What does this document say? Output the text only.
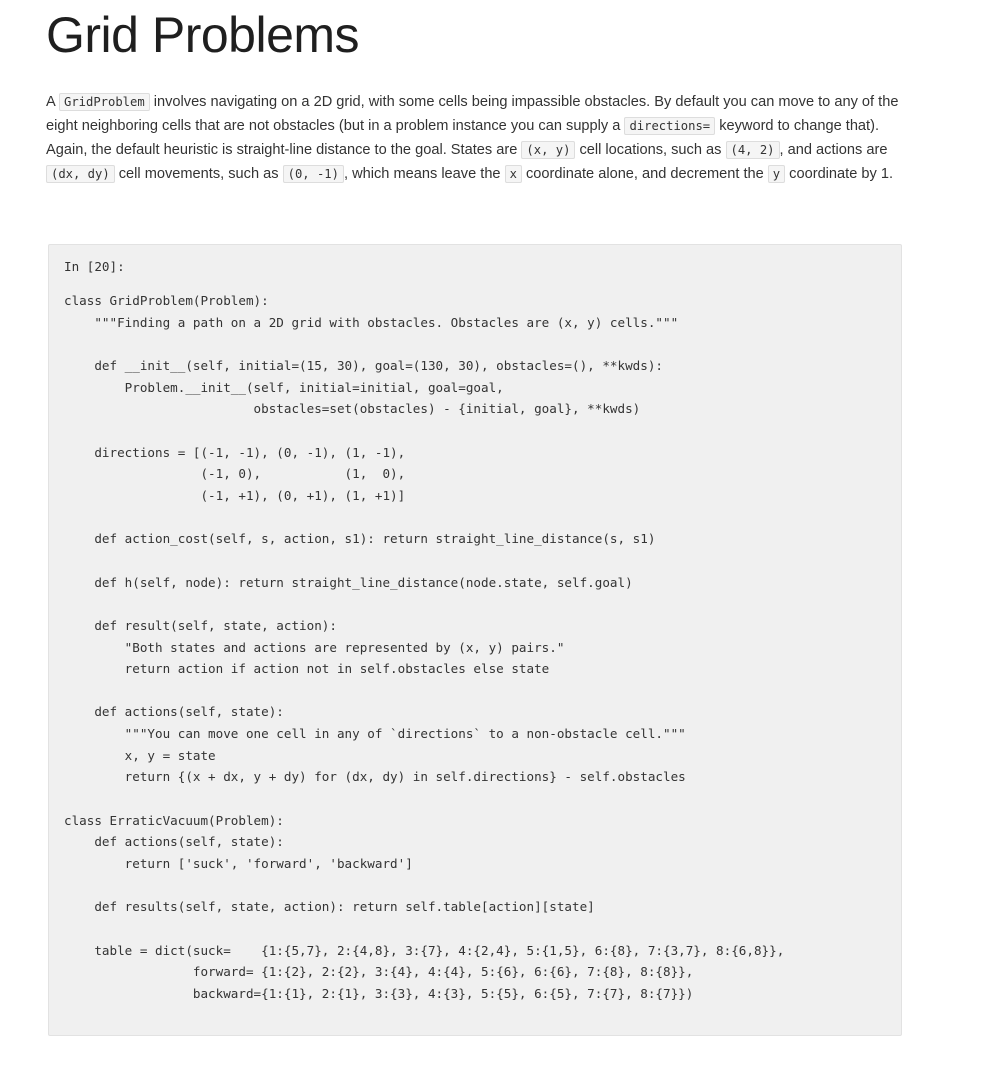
Grid Problems

A GridProblem involves navigating on a 2D grid, with some cells being impassible obstacles. By default you can move to any of the eight neighboring cells that are not obstacles (but in a problem instance you can supply a directions= keyword to change that). Again, the default heuristic is straight-line distance to the goal. States are (x, y) cell locations, such as (4, 2) , and actions are (dx, dy) cell movements, such as (0, -1) , which means leave the x coordinate alone, and decrement the y coordinate by 1.

In [20]:
class GridProblem(Problem):
"""Finding a path on a 2D grid with obstacles. Obstacles are (x, y) cells."""

def __init__(self, initial=(15, 30), goal=(130, 30), obstacles=(), **kwds):
Problem.__init__(self, initial=initial, goal=goal,
obstacles=set(obstacles) - {initial, goal}, **kwds)

directions = [(-1, -1), (0, -1), (1, -1),
(-1, 0),           (1,  0),
(-1, +1), (0, +1), (1, +1)]

def action_cost(self, s, action, s1): return straight_line_distance(s, s1)

def h(self, node): return straight_line_distance(node.state, self.goal)

def result(self, state, action):
"Both states and actions are represented by (x, y) pairs."
return action if action not in self.obstacles else state

def actions(self, state):
"""You can move one cell in any of `directions` to a non-obstacle cell."""
x, y = state
return {(x + dx, y + dy) for (dx, dy) in self.directions} - self.obstacles

class ErraticVacuum(Problem):
def actions(self, state):
return ['suck', 'forward', 'backward']

def results(self, state, action): return self.table[action][state]

table = dict(suck=    {1:{5,7}, 2:{4,8}, 3:{7}, 4:{2,4}, 5:{1,5}, 6:{8}, 7:{3,7}, 8:{6,8}},
forward= {1:{2}, 2:{2}, 3:{4}, 4:{4}, 5:{6}, 6:{6}, 7:{8}, 8:{8}},
backward={1:{1}, 2:{1}, 3:{3}, 4:{3}, 5:{5}, 6:{5}, 7:{7}, 8:{7}})
